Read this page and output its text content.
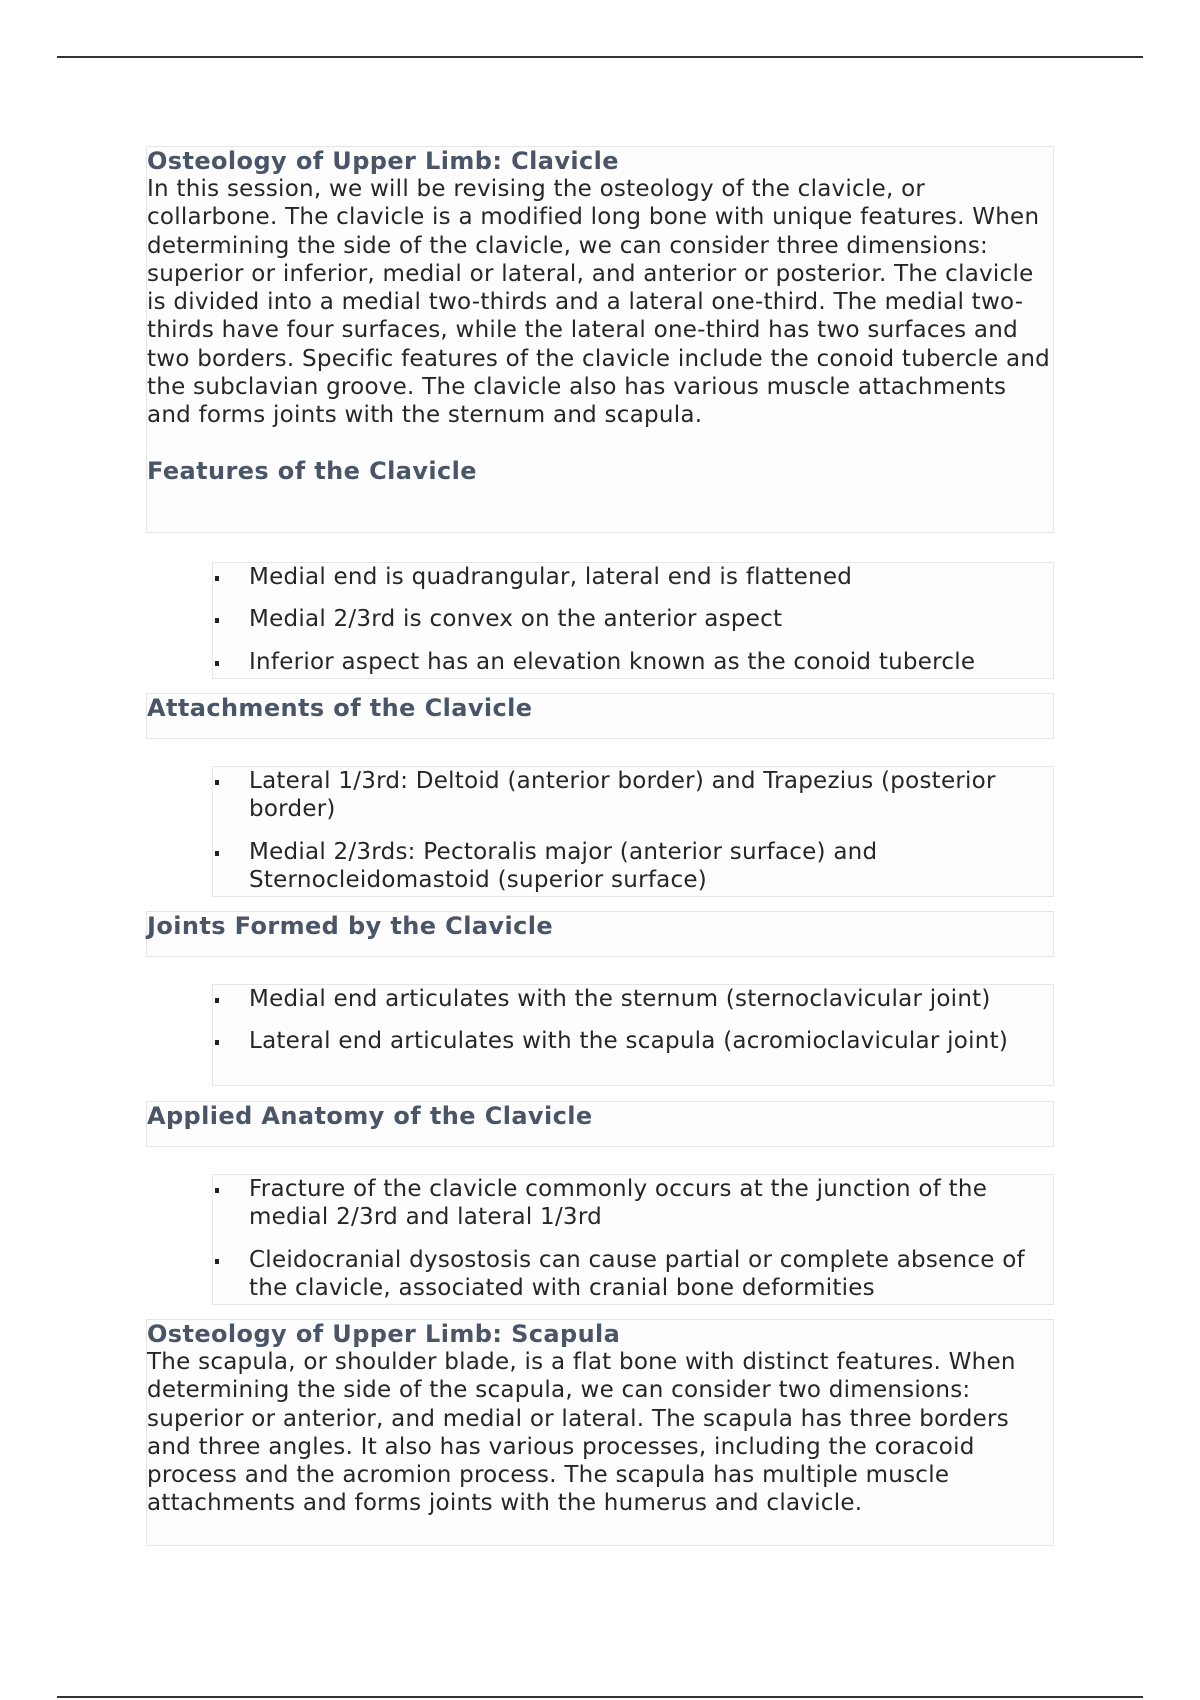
Osteology of Upper Limb: Clavicle

In this session, we will be revising the osteology of the clavicle, or collarbone. The clavicle is a modified long bone with unique features. When determining the side of the clavicle, we can consider three dimensions: superior or inferior, medial or lateral, and anterior or posterior. The clavicle is divided into a medial two-thirds and a lateral one-third. The medial two-thirds have four surfaces, while the lateral one-third has two surfaces and two borders. Specific features of the clavicle include the conoid tubercle and the subclavian groove. The clavicle also has various muscle attachments and forms joints with the sternum and scapula.

Features of the Clavicle
Medial end is quadrangular, lateral end is flattened
Medial 2/3rd is convex on the anterior aspect
Inferior aspect has an elevation known as the conoid tubercle
Attachments of the Clavicle
Lateral 1/3rd: Deltoid (anterior border) and Trapezius (posterior border)
Medial 2/3rds: Pectoralis major (anterior surface) and Sternocleidomastoid (superior surface)
Joints Formed by the Clavicle
Medial end articulates with the sternum (sternoclavicular joint)
Lateral end articulates with the scapula (acromioclavicular joint)
Applied Anatomy of the Clavicle
Fracture of the clavicle commonly occurs at the junction of the medial 2/3rd and lateral 1/3rd
Cleidocranial dysostosis can cause partial or complete absence of the clavicle, associated with cranial bone deformities
Osteology of Upper Limb: Scapula

The scapula, or shoulder blade, is a flat bone with distinct features. When determining the side of the scapula, we can consider two dimensions: superior or anterior, and medial or lateral. The scapula has three borders and three angles. It also has various processes, including the coracoid process and the acromion process. The scapula has multiple muscle attachments and forms joints with the humerus and clavicle.
